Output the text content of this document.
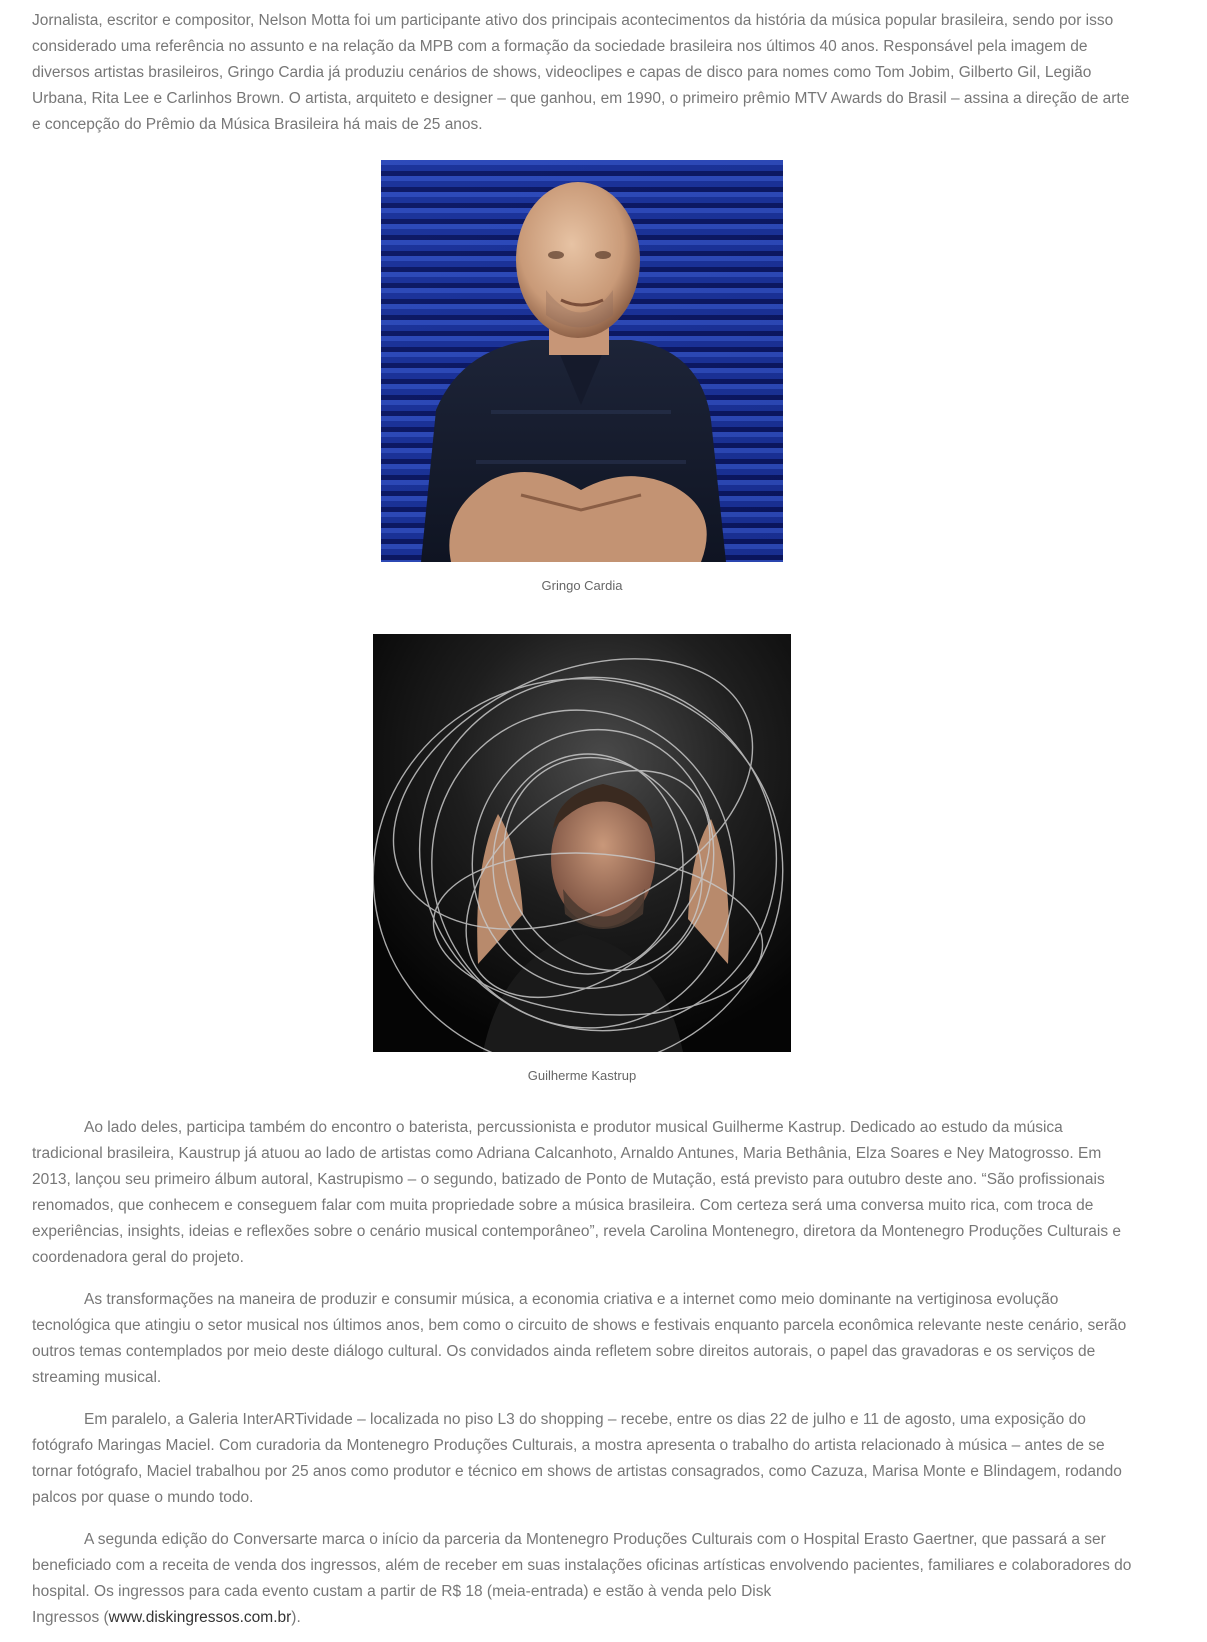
Jornalista, escritor e compositor, Nelson Motta foi um participante ativo dos principais acontecimentos da história da música popular brasileira, sendo por isso considerado uma referência no assunto e na relação da MPB com a formação da sociedade brasileira nos últimos 40 anos. Responsável pela imagem de diversos artistas brasileiros, Gringo Cardia já produziu cenários de shows, videoclipes e capas de disco para nomes como Tom Jobim, Gilberto Gil, Legião Urbana, Rita Lee e Carlinhos Brown. O artista, arquiteto e designer – que ganhou, em 1990, o primeiro prêmio MTV Awards do Brasil – assina a direção de arte e concepção do Prêmio da Música Brasileira há mais de 25 anos.

Gringo Cardia
Guilherme Kastrup

Ao lado deles, participa também do encontro o baterista, percussionista e produtor musical Guilherme Kastrup. Dedicado ao estudo da música tradicional brasileira, Kaustrup já atuou ao lado de artistas como Adriana Calcanhoto, Arnaldo Antunes, Maria Bethânia, Elza Soares e Ney Matogrosso. Em 2013, lançou seu primeiro álbum autoral, Kastrupismo – o segundo, batizado de Ponto de Mutação, está previsto para outubro deste ano. “São profissionais renomados, que conhecem e conseguem falar com muita propriedade sobre a música brasileira. Com certeza será uma conversa muito rica, com troca de experiências, insights, ideias e reflexões sobre o cenário musical contemporâneo”, revela Carolina Montenegro, diretora da Montenegro Produções Culturais e coordenadora geral do projeto.

As transformações na maneira de produzir e consumir música, a economia criativa e a internet como meio dominante na vertiginosa evolução tecnológica que atingiu o setor musical nos últimos anos, bem como o circuito de shows e festivais enquanto parcela econômica relevante neste cenário, serão outros temas contemplados por meio deste diálogo cultural. Os convidados ainda refletem sobre direitos autorais, o papel das gravadoras e os serviços de streaming musical.

Em paralelo, a Galeria InterARTividade – localizada no piso L3 do shopping – recebe, entre os dias 22 de julho e 11 de agosto, uma exposição do fotógrafo Maringas Maciel. Com curadoria da Montenegro Produções Culturais, a mostra apresenta o trabalho do artista relacionado à música – antes de se tornar fotógrafo, Maciel trabalhou por 25 anos como produtor e técnico em shows de artistas consagrados, como Cazuza, Marisa Monte e Blindagem, rodando palcos por quase o mundo todo.

A segunda edição do Conversarte marca o início da parceria da Montenegro Produções Culturais com o Hospital Erasto Gaertner, que passará a ser beneficiado com a receita de venda dos ingressos, além de receber em suas instalações oficinas artísticas envolvendo pacientes, familiares e colaboradores do hospital. Os ingressos para cada evento custam a partir de R$ 18 (meia-entrada) e estão à venda pelo Disk
Ingressos (www.diskingressos.com.br).
